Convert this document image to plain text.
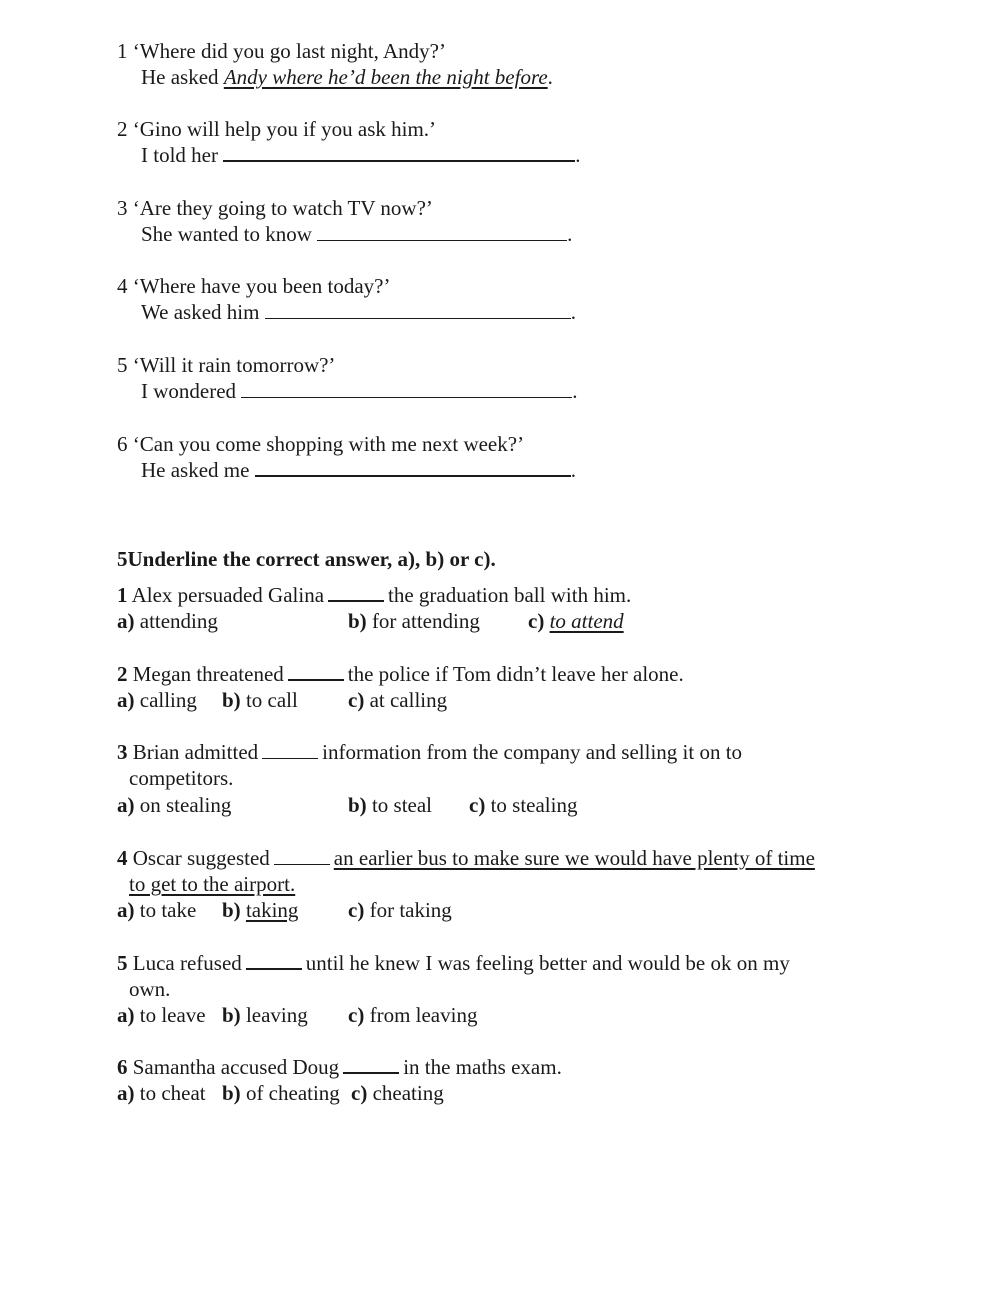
1 ‘Where did you go last night, Andy?’
He asked Andy where he’d been the night before.
2 ‘Gino will help you if you ask him.’
I told her	.
3 ‘Are they going to watch TV now?’
She wanted to know	.
4 ‘Where have you been today?’
We asked him	.
5 ‘Will it rain tomorrow?’
I wondered	.
6 ‘Can you come shopping with me next week?’
He asked me	.
5Underline the correct answer, a), b) or c).
1 Alex persuaded Galina	the graduation ball with him.
a) attending	b) for attending c) to attend
2 Megan threatened	the police if Tom didn’t leave her alone.
a) calling b) to call c) at calling
3 Brian admitted	information from the company and selling it on to
competitors.
a) on stealing	b) to steal c) to stealing
4 Oscar suggested	an earlier bus to make sure we would have plenty of time
to get to the airport.
a) to take b) taking c) for taking
5 Luca refused	until he knew I was feeling better and would be ok on my
own.
a) to leave b) leaving c) from leaving
6 Samantha accused Doug	in the maths exam.
a) to cheat b) of cheating c) cheating
